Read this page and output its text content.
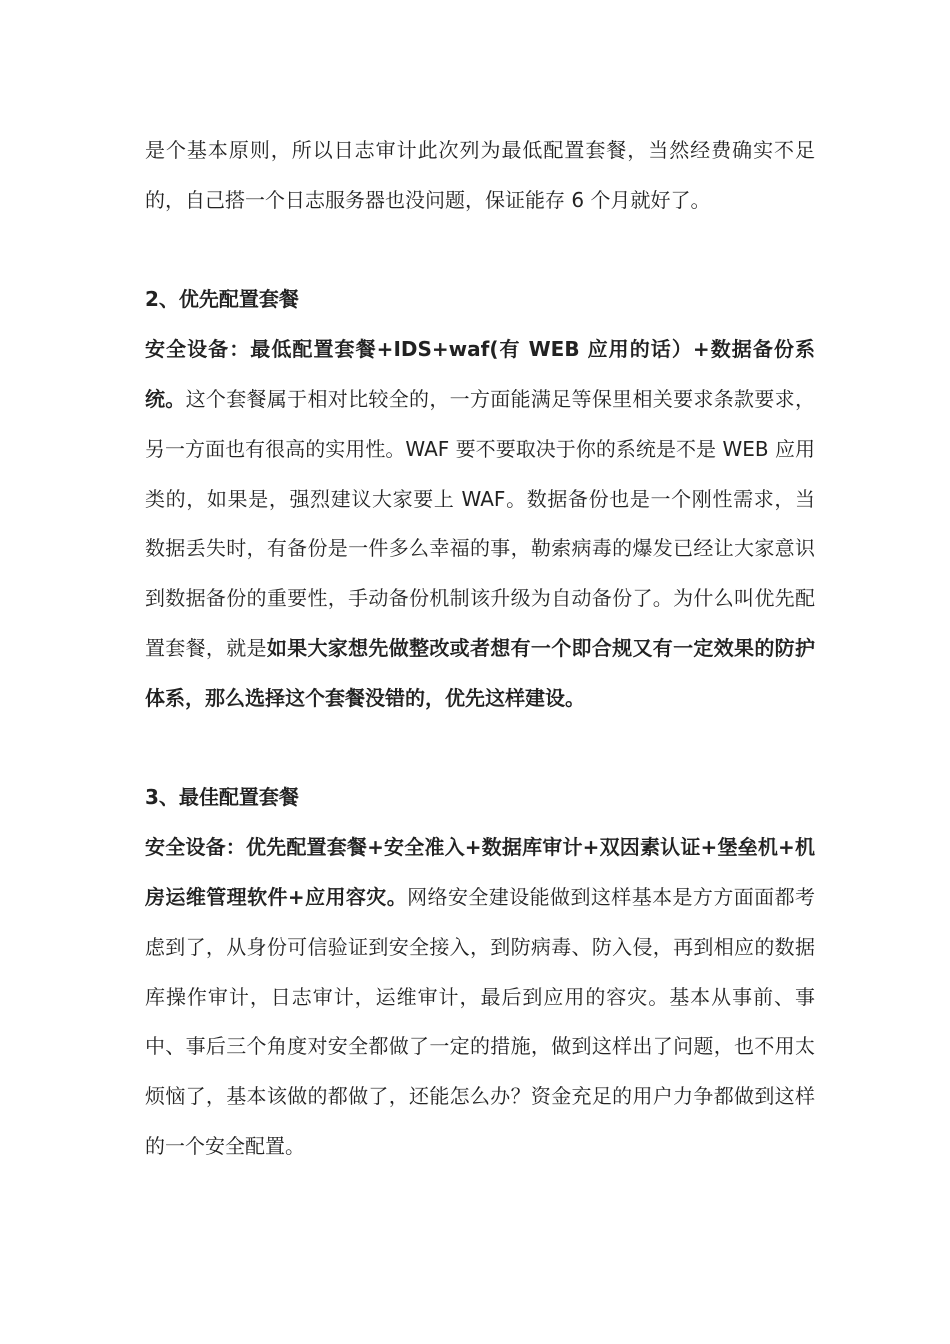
是个基本原则，所以日志审计此次列为最低配置套餐，当然经费确实不足的，自己搭一个日志服务器也没问题，保证能存 6 个月就好了。

2、优先配置套餐

安全设备：最低配置套餐+IDS+waf(有 WEB 应用的话）+数据备份系统。这个套餐属于相对比较全的，一方面能满足等保里相关要求条款要求，另一方面也有很高的实用性。WAF 要不要取决于你的系统是不是 WEB 应用类的，如果是，强烈建议大家要上 WAF。数据备份也是一个刚性需求，当数据丢失时，有备份是一件多么幸福的事，勒索病毒的爆发已经让大家意识到数据备份的重要性，手动备份机制该升级为自动备份了。为什么叫优先配置套餐，就是如果大家想先做整改或者想有一个即合规又有一定效果的防护体系，那么选择这个套餐没错的，优先这样建设。

3、最佳配置套餐

安全设备：优先配置套餐+安全准入+数据库审计+双因素认证+堡垒机+机房运维管理软件+应用容灾。网络安全建设能做到这样基本是方方面面都考虑到了，从身份可信验证到安全接入，到防病毒、防入侵，再到相应的数据库操作审计，日志审计，运维审计，最后到应用的容灾。基本从事前、事中、事后三个角度对安全都做了一定的措施，做到这样出了问题，也不用太烦恼了，基本该做的都做了，还能怎么办？资金充足的用户力争都做到这样的一个安全配置。
